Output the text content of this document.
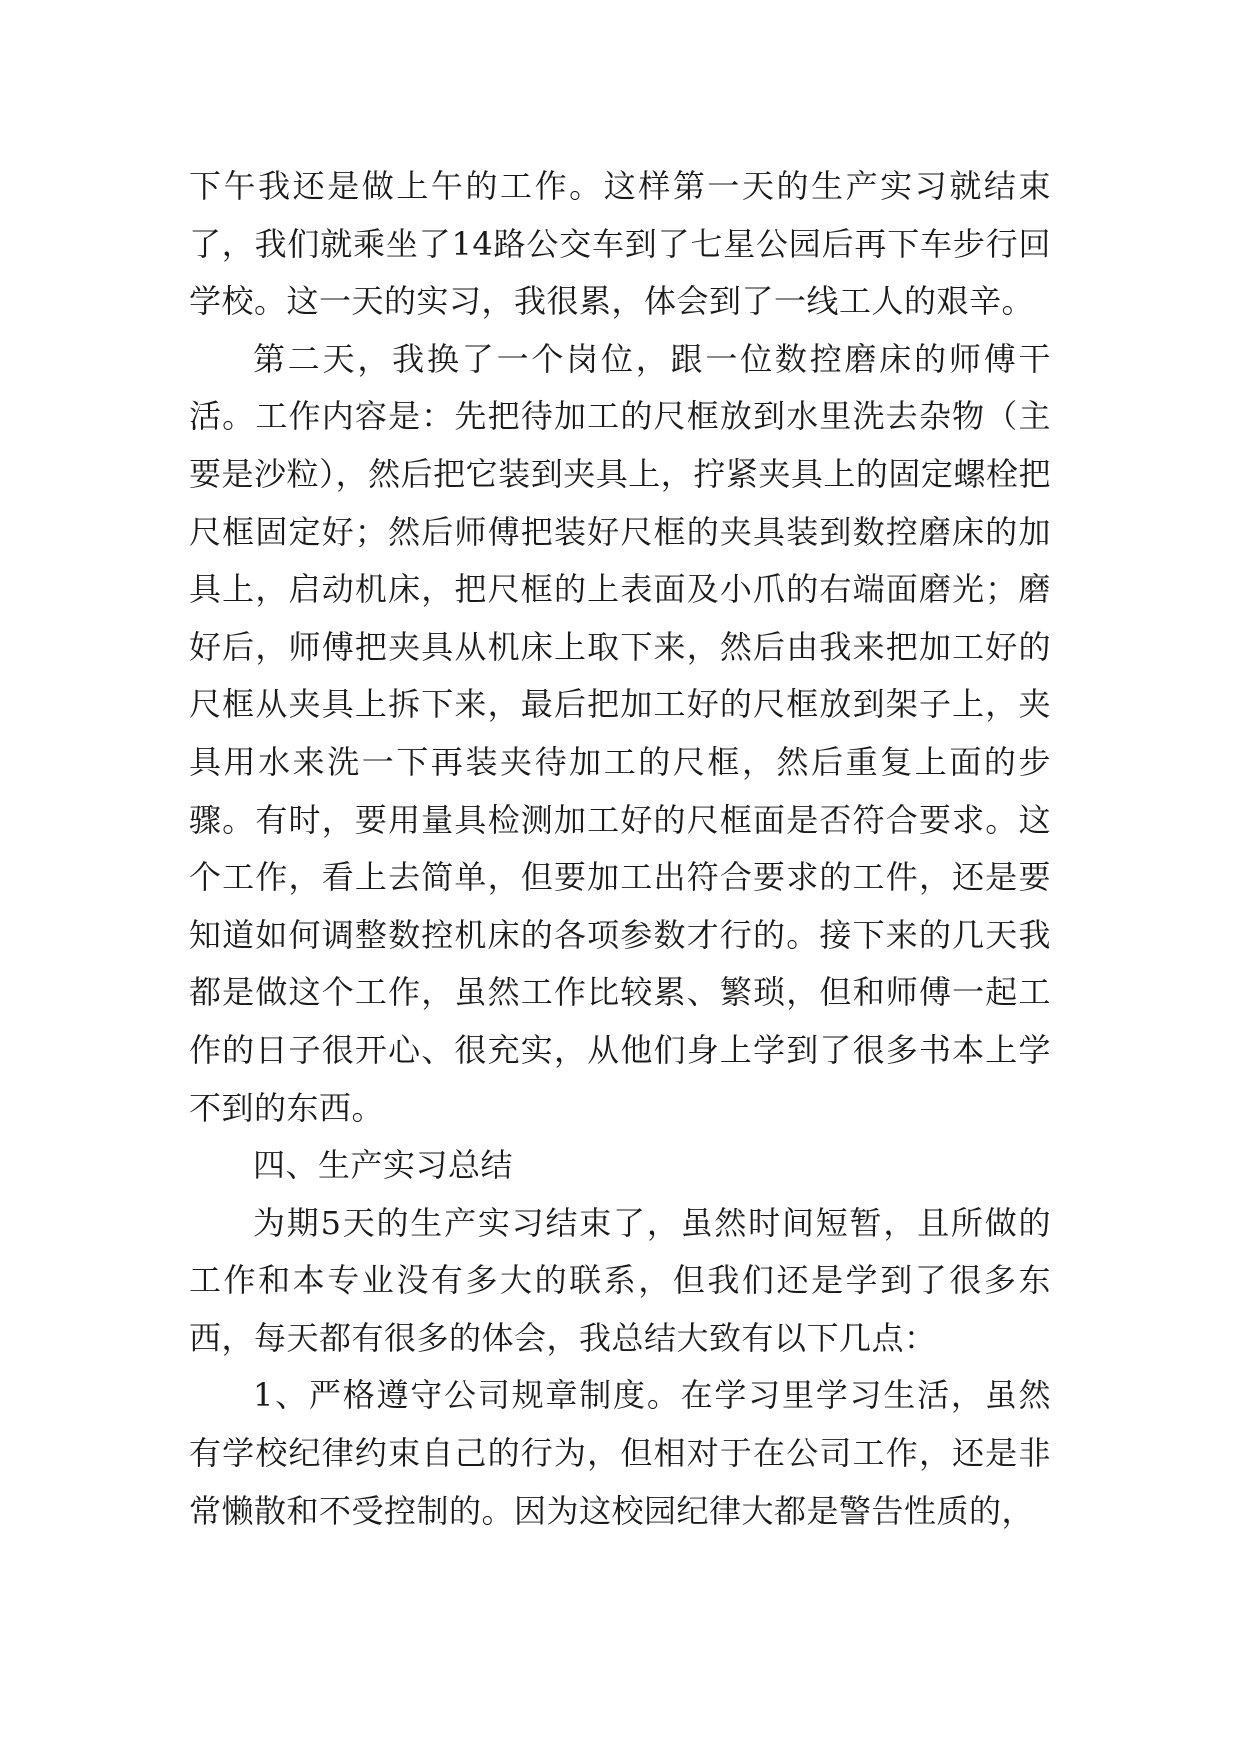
下午我还是做上午的工作。这样第一天的生产实习就结束了，我们就乘坐了14路公交车到了七星公园后再下车步行回学校。这一天的实习，我很累，体会到了一线工人的艰辛。

第二天，我换了一个岗位，跟一位数控磨床的师傅干活。工作内容是：先把待加工的尺框放到水里洗去杂物（主要是沙粒），然后把它装到夹具上，拧紧夹具上的固定螺栓把尺框固定好；然后师傅把装好尺框的夹具装到数控磨床的加具上，启动机床，把尺框的上表面及小爪的右端面磨光；磨好后，师傅把夹具从机床上取下来，然后由我来把加工好的尺框从夹具上拆下来，最后把加工好的尺框放到架子上，夹具用水来洗一下再装夹待加工的尺框，然后重复上面的步骤。有时，要用量具检测加工好的尺框面是否符合要求。这个工作，看上去简单，但要加工出符合要求的工件，还是要知道如何调整数控机床的各项参数才行的。接下来的几天我都是做这个工作，虽然工作比较累、繁琐，但和师傅一起工作的日子很开心、很充实，从他们身上学到了很多书本上学不到的东西。

四、生产实习总结

为期5天的生产实习结束了，虽然时间短暂，且所做的工作和本专业没有多大的联系，但我们还是学到了很多东西，每天都有很多的体会，我总结大致有以下几点：

1、严格遵守公司规章制度。在学习里学习生活，虽然有学校纪律约束自己的行为，但相对于在公司工作，还是非常懒散和不受控制的。因为这校园纪律大都是警告性质的，
